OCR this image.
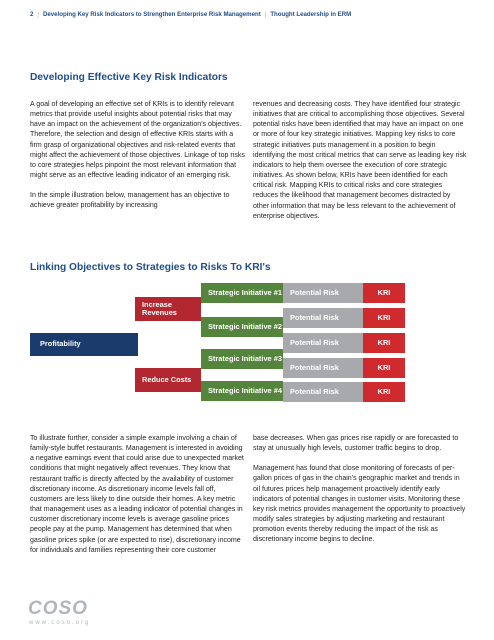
2 | Developing Key Risk Indicators to Strengthen Enterprise Risk Management | Thought Leadership in ERM
Developing Effective Key Risk Indicators

A goal of developing an effective set of KRIs is to identify relevant metrics that provide useful insights about potential risks that may have an impact on the achievement of the organization's objectives. Therefore, the selection and design of effective KRIs starts with a firm grasp of organizational objectives and risk-related events that might affect the achievement of those objectives. Linkage of top risks to core strategies helps pinpoint the most relevant information that might serve as an effective leading indicator of an emerging risk.

In the simple illustration below, management has an objective to achieve greater profitability by increasing

revenues and decreasing costs. They have identified four strategic initiatives that are critical to accomplishing those objectives. Several potential risks have been identified that may have an impact on one or more of four key strategic initiatives. Mapping key risks to core strategic initiatives puts management in a position to begin identifying the most critical metrics that can serve as leading key risk indicators to help them oversee the execution of core strategic initiatives. As shown below, KRIs have been identified for each critical risk. Mapping KRIs to critical risks and core strategies reduces the likelihood that management becomes distracted by other information that may be less relevant to the achievement of enterprise objectives.

Linking Objectives to Strategies to Risks To KRI's
Profitability
Increase Revenues
Reduce Costs
Strategic Initiative #1
Strategic Initiative #2
Strategic Initiative #3
Strategic Initiative #4
Potential Risk
Potential Risk
Potential Risk
Potential Risk
Potential Risk
KRI
KRI
KRI
KRI
KRI

To illustrate further, consider a simple example involving a chain of family-style buffet restaurants. Management is interested in avoiding a negative earnings event that could arise due to unexpected market conditions that might negatively affect revenues. They know that restaurant traffic is directly affected by the availability of customer discretionary income. As discretionary income levels fall off, customers are less likely to dine outside their homes. A key metric that management uses as a leading indicator of potential changes in customer discretionary income levels is average gasoline prices people pay at the pump. Management has determined that when gasoline prices spike (or are expected to rise), discretionary income for individuals and families representing their core customer

base decreases. When gas prices rise rapidly or are forecasted to stay at unusually high levels, customer traffic begins to drop.

Management has found that close monitoring of forecasts of per-gallon prices of gas in the chain's geographic market and trends in oil futures prices help management proactively identify early indicators of potential changes in customer visits. Monitoring these key risk metrics provides management the opportunity to proactively modify sales strategies by adjusting marketing and restaurant promotion events thereby reducing the impact of the risk as discretionary income begins to decline.

COSO
www.coso.org
